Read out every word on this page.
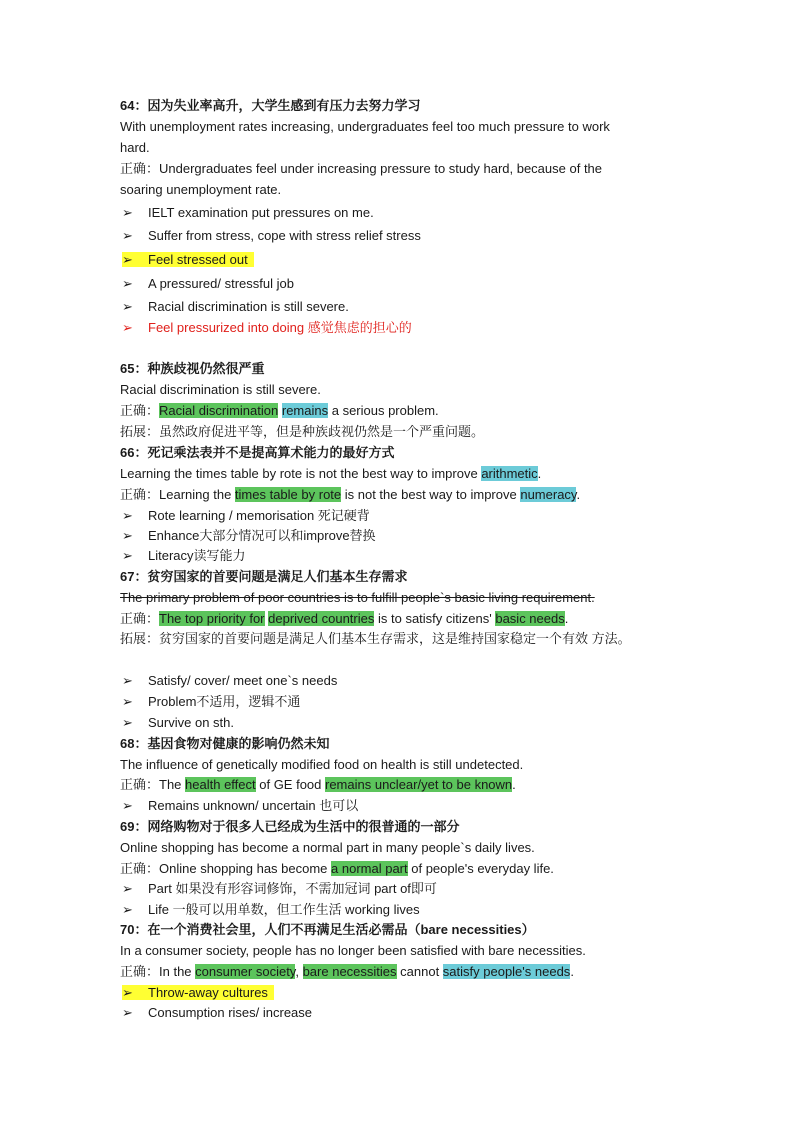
64：因为失业率高升，大学生感到有压力去努力学习
With unemployment rates increasing, undergraduates feel too much pressure to work
hard.
正确：Undergraduates feel under increasing pressure to study hard, because of the
soaring unemployment rate.
➢ IELT examination put pressures on me.
➢ Suffer from stress, cope with stress relief stress
➢ Feel stressed out
➢ A pressured/ stressful job
➢ Racial discrimination is still severe.
➢ Feel pressurized into doing 感觉焦虑的担心的
65：种族歧视仍然很严重
Racial discrimination is still severe.
正确：Racial discrimination remains a serious problem.
拓展：虽然政府促进平等，但是种族歧视仍然是一个严重问题。
66：死记乘法表并不是提高算术能力的最好方式
Learning the times table by rote is not the best way to improve arithmetic.
正确：Learning the times table by rote is not the best way to improve numeracy.
➢ Rote learning / memorisation 死记硬背
➢ Enhance大部分情况可以和improve替换
➢ Literacy读写能力
67：贫穷国家的首要问题是满足人们基本生存需求
The primary problem of poor countries is to fulfill people`s basic living requirement.
正确：The top priority for deprived countries is to satisfy citizens' basic needs.
拓展：贫穷国家的首要问题是满足人们基本生存需求，这是维持国家稳定一个有效 方法。
➢ Satisfy/ cover/ meet one`s needs
➢ Problem不适用，逻辑不通
➢ Survive on sth.
68：基因食物对健康的影响仍然未知
The influence of genetically modified food on health is still undetected.
正确：The health effect of GE food remains unclear/yet to be known.
➢ Remains unknown/ uncertain 也可以
69：网络购物对于很多人已经成为生活中的很普通的一部分
Online shopping has become a normal part in many people`s daily lives.
正确：Online shopping has become a normal part of people's everyday life.
➢ Part 如果没有形容词修饰，不需加冠词 part of即可
➢ Life 一般可以用单数，但工作生活 working lives
70：在一个消费社会里，人们不再满足生活必需品（bare necessities）
In a consumer society, people has no longer been satisfied with bare necessities.
正确：In the consumer society, bare necessities cannot satisfy people's needs.
➢ Throw-away cultures
➢ Consumption rises/ increase
